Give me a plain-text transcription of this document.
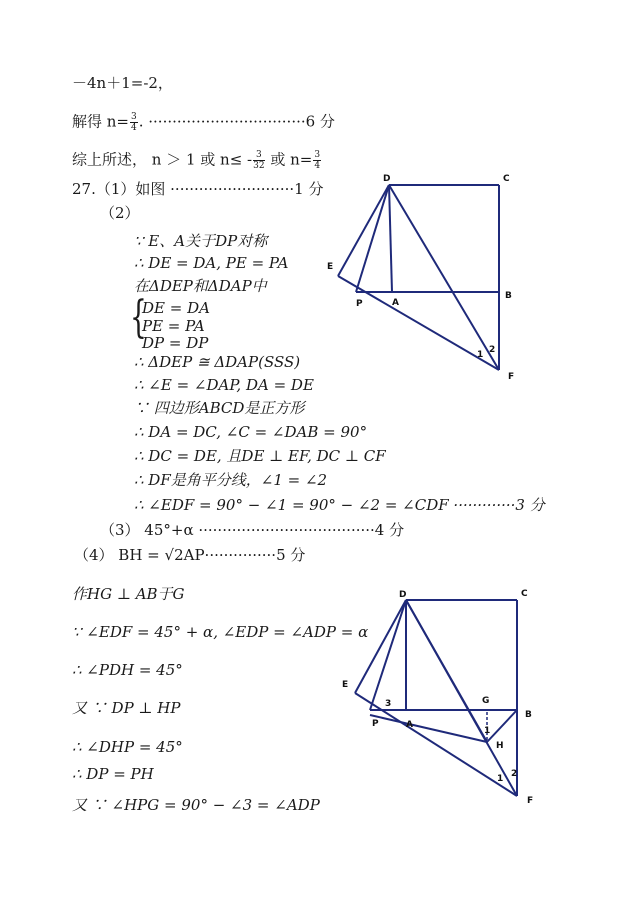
－4n＋1=-2，
解得 $n= \frac{3}{4}$ . ·································6 分
综上所述， n ＞ 1 或 $n\le - \frac{3}{32}$ 或 $n= \frac{3}{4}$
27.（1）如图 ··························1 分
（2）
∵ E、A关于DP对称
∴ DE = DA, PE = PA
在ΔDEP和ΔDAP中
{
DE = DA
PE = PA
DP = DP
∴ ΔDEP ≅ ΔDAP(SSS)
∴ ∠E = ∠DAP, DA = DE
∵ 四边形ABCD是正方形
∴ DA = DC, ∠C = ∠DAB = 90°
∴ DC = DE, 且DE ⊥ EF, DC ⊥ CF
∴ DF是角平分线，∠1 = ∠2
∴ ∠EDF = 90° − ∠1 = 90° − ∠2 = ∠CDF ·············3 分
（3） 45°+α ·····································4 分
（4） BH = √2AP···············5 分
作HG ⊥ AB于G
∵ ∠EDF = 45° + α, ∠EDP = ∠ADP = α
∴ ∠PDH = 45°
又 ∵ DP ⊥ HP
∴ ∠DHP = 45°
∴ DP = PH
又 ∵ ∠HPG = 90° − ∠3 = ∠ADP
D	C
E
P	A
B
F
1 2
D	C
E
P	A
G
B
H
F
1 2
3
1
